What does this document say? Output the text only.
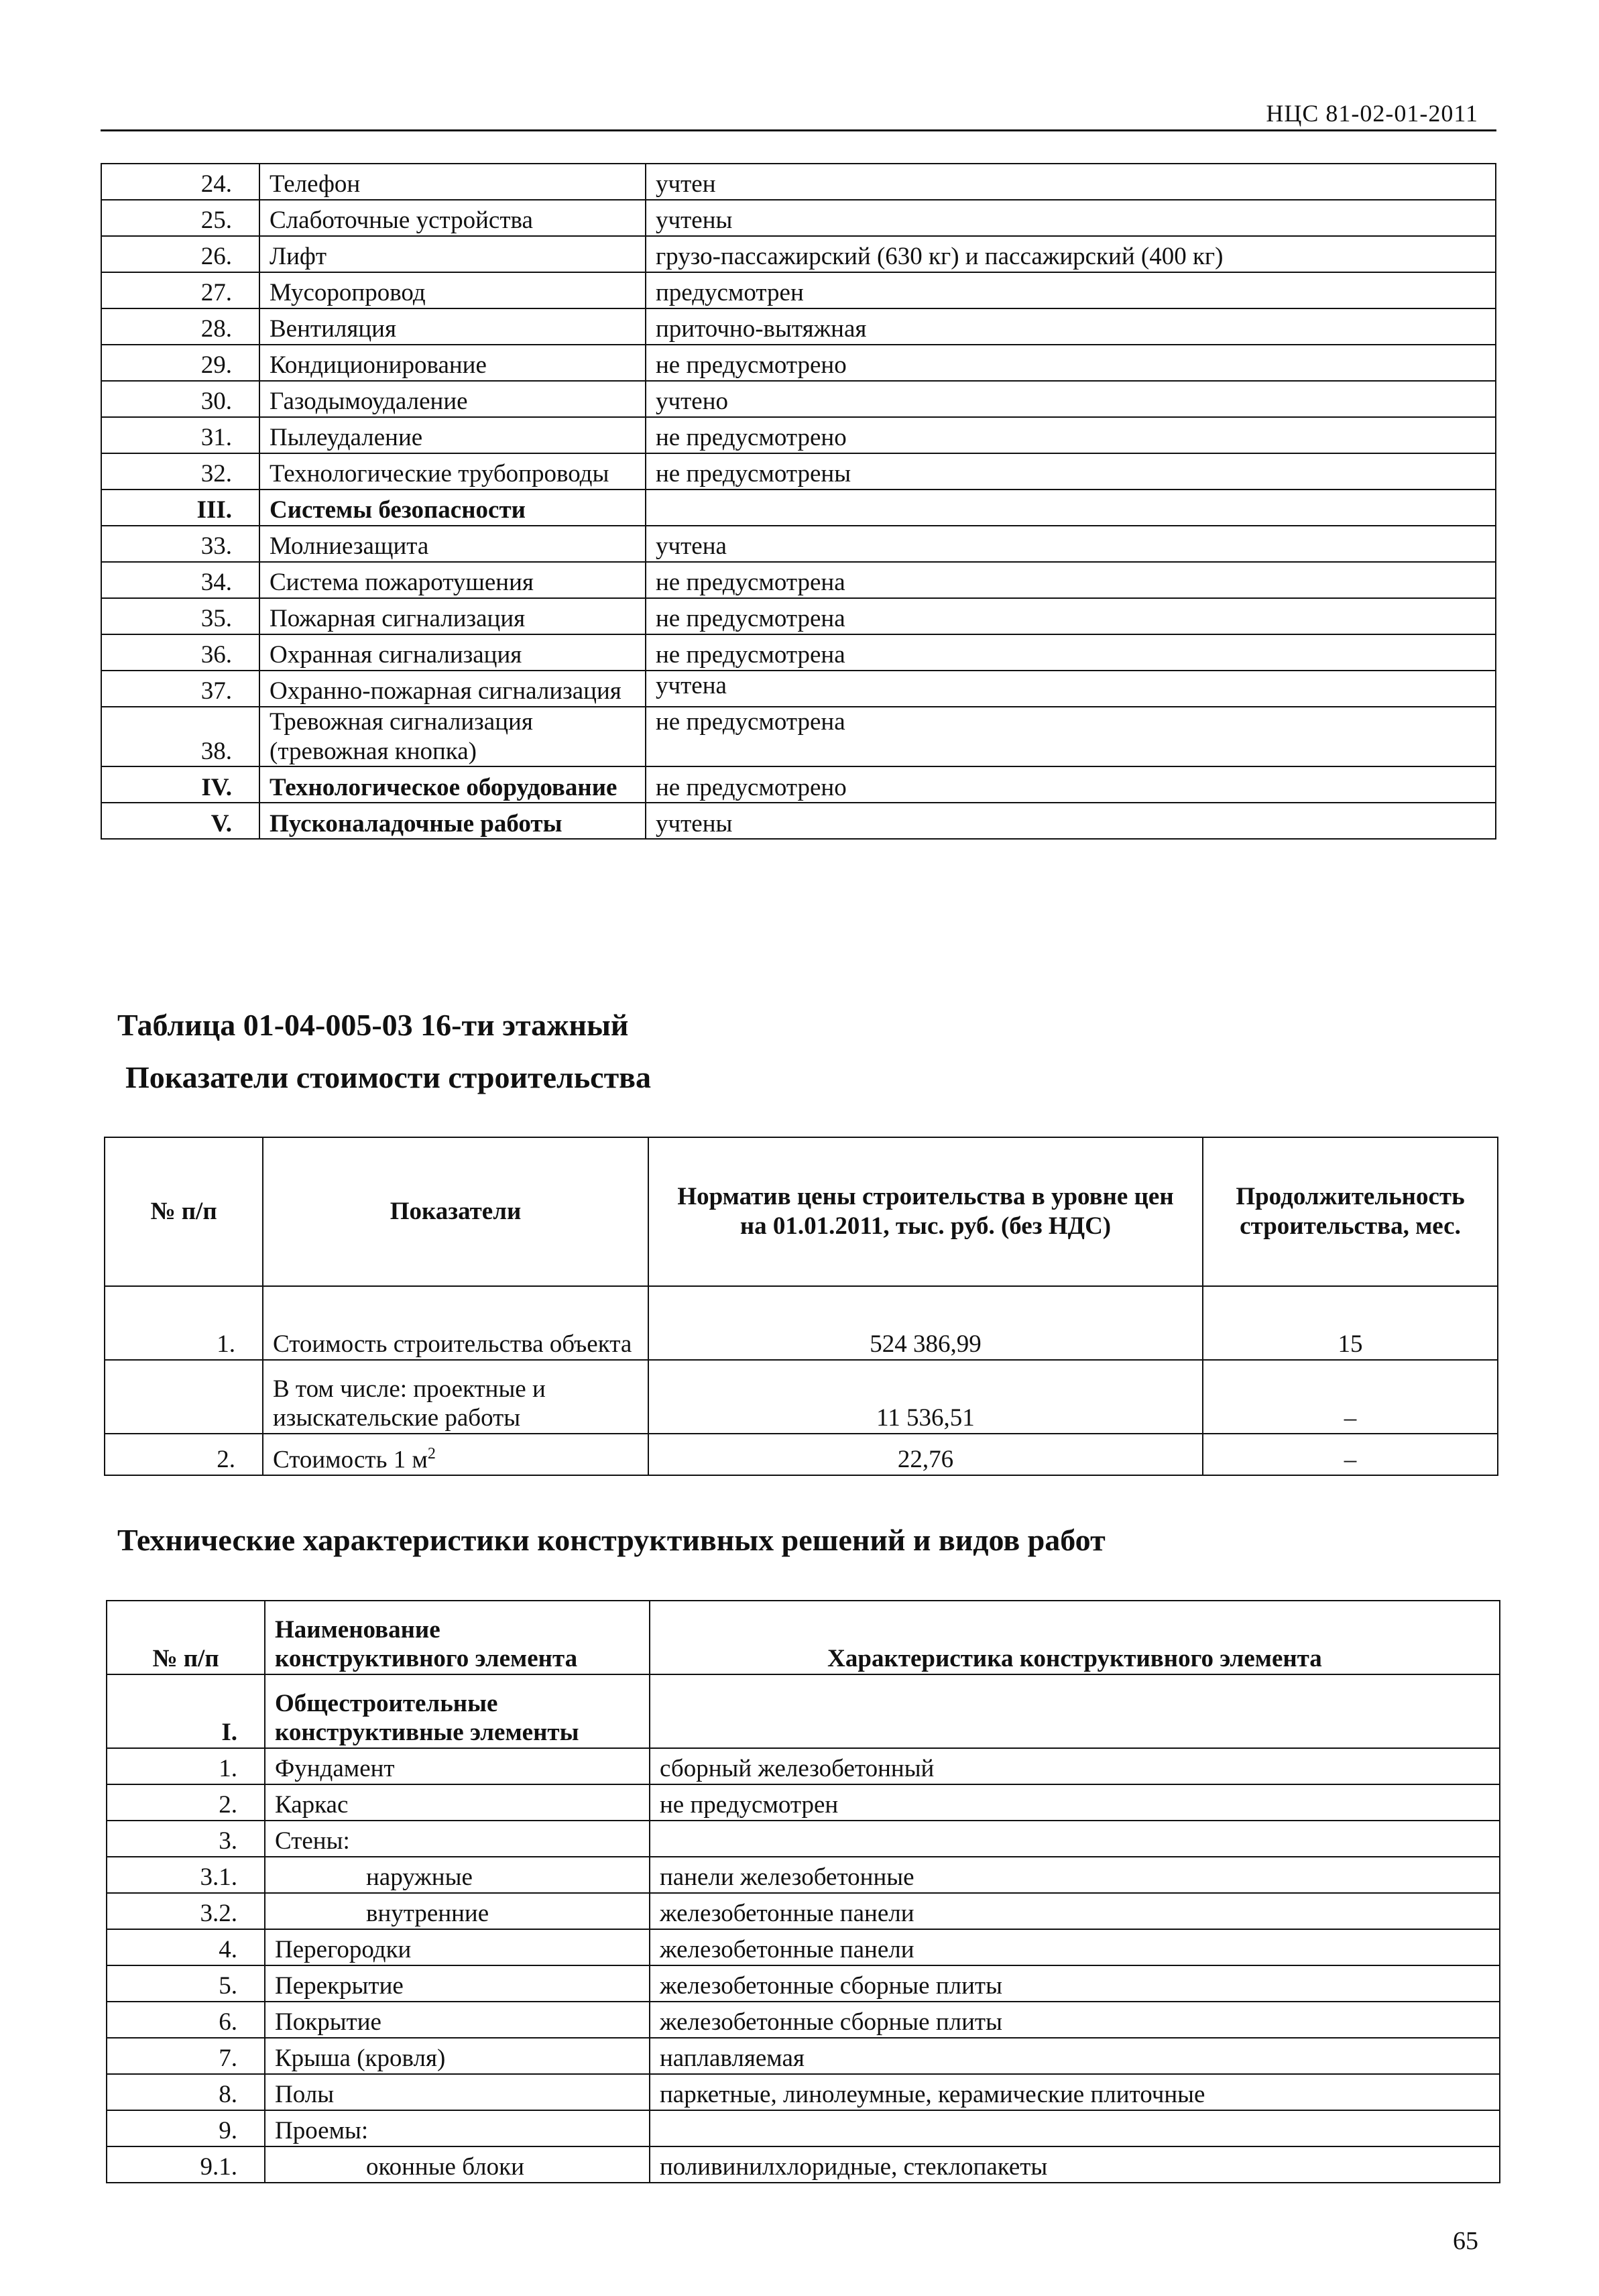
НЦС 81-02-01-2011
24.	Телефон	учтен
25.	Слаботочные устройства	учтены
26.	Лифт	грузо-пассажирский (630 кг) и пассажирский (400 кг)
27.	Мусоропровод	предусмотрен
28.	Вентиляция	приточно-вытяжная
29.	Кондиционирование	не предусмотрено
30.	Газодымоудаление	учтено
31.	Пылеудаление	не предусмотрено
32.	Технологические трубопроводы	не предусмотрены
III.	Системы безопасности	
33.	Молниезащита	учтена
34.	Система пожаротушения	не предусмотрена
35.	Пожарная сигнализация	не предусмотрена
36.	Охранная сигнализация	не предусмотрена
37.	Охранно-пожарная сигнализация	учтена
38.	Тревожная сигнализация (тревожная кнопка)	не предусмотрена
IV.	Технологическое оборудование	не предусмотрено
V.	Пусконаладочные работы	учтены
Таблица 01-04-005-03 16-ти этажный
Показатели стоимости строительства
№ п/п	Показатели	Норматив цены строительства в уровне цен на 01.01.2011, тыс. руб. (без НДС)	Продолжительность строительства, мес.
1.	Стоимость строительства объекта	524 386,99	15
	В том числе: проектные и изыскательские работы	11 536,51	–
2.	Стоимость 1 $м^2$	22,76	–
Технические характеристики конструктивных решений и видов работ
№ п/п	Наименование конструктивного элемента	Характеристика конструктивного элемента
I.	Общестроительные конструктивные элементы	
1.	Фундамент	сборный железобетонный
2.	Каркас	не предусмотрен
3.	Стены:	
3.1.	наружные	панели железобетонные
3.2.	внутренние	железобетонные панели
4.	Перегородки	железобетонные панели
5.	Перекрытие	железобетонные сборные плиты
6.	Покрытие	железобетонные сборные плиты
7.	Крыша (кровля)	наплавляемая
8.	Полы	паркетные, линолеумные, керамические плиточные
9.	Проемы:	
9.1.	оконные блоки	поливинилхлоридные, стеклопакеты
65
